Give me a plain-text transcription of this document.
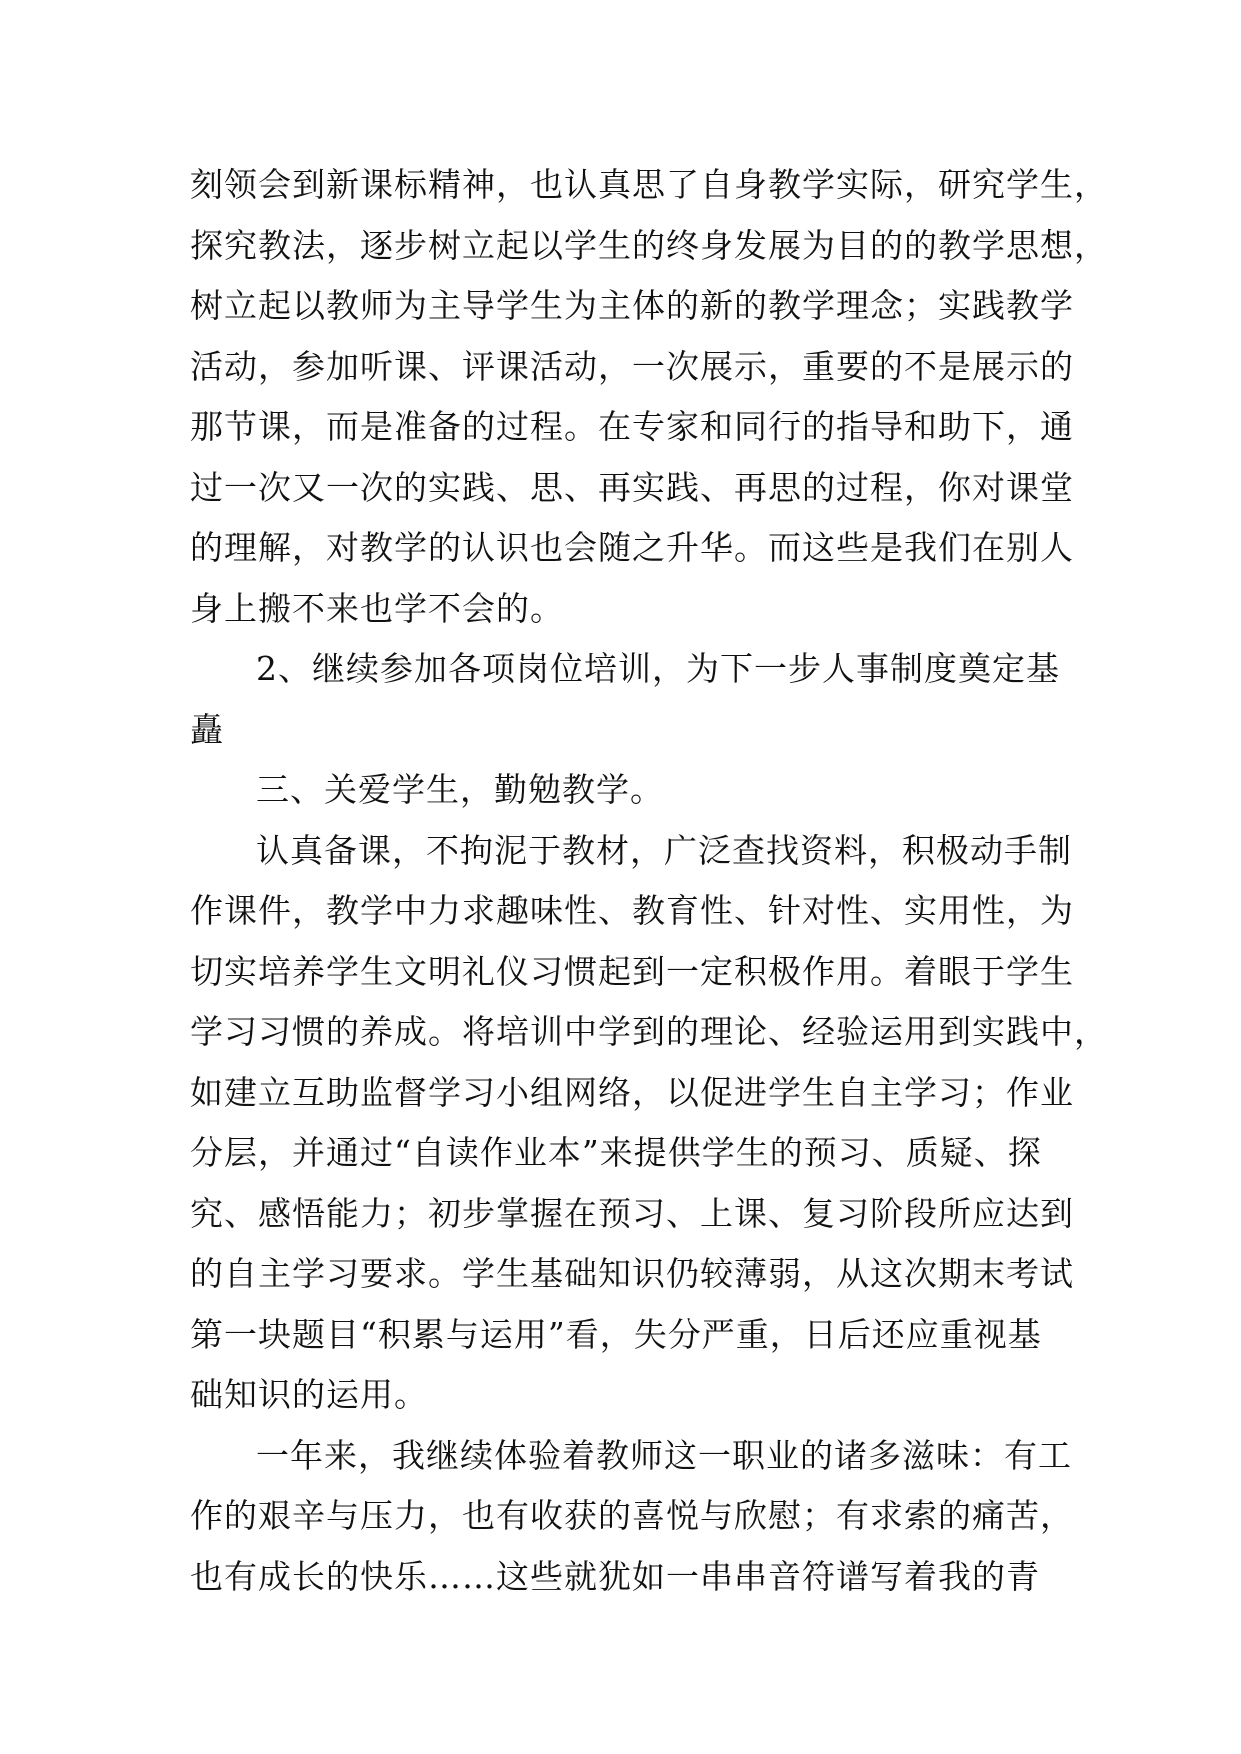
刻领会到新课标精神，也认真思了自身教学实际，研究学生，
探究教法，逐步树立起以学生的终身发展为目的的教学思想，
树立起以教师为主导学生为主体的新的教学理念；实践教学
活动，参加听课、评课活动，一次展示，重要的不是展示的
那节课，而是准备的过程。在专家和同行的指导和助下，通
过一次又一次的实践、思、再实践、再思的过程，你对课堂
的理解，对教学的认识也会随之升华。而这些是我们在别人
身上搬不来也学不会的。
2、继续参加各项岗位培训，为下一步人事制度奠定基
矗
三、关爱学生，勤勉教学。
认真备课，不拘泥于教材，广泛查找资料，积极动手制
作课件，教学中力求趣味性、教育性、针对性、实用性，为
切实培养学生文明礼仪习惯起到一定积极作用。着眼于学生
学习习惯的养成。将培训中学到的理论、经验运用到实践中，
如建立互助监督学习小组网络，以促进学生自主学习；作业
分层，并通过“自读作业本”来提供学生的预习、质疑、探
究、感悟能力；初步掌握在预习、上课、复习阶段所应达到
的自主学习要求。学生基础知识仍较薄弱，从这次期末考试
第一块题目“积累与运用”看，失分严重，日后还应重视基
础知识的运用。
一年来，我继续体验着教师这一职业的诸多滋味：有工
作的艰辛与压力，也有收获的喜悦与欣慰；有求索的痛苦，
也有成长的快乐……这些就犹如一串串音符谱写着我的青
